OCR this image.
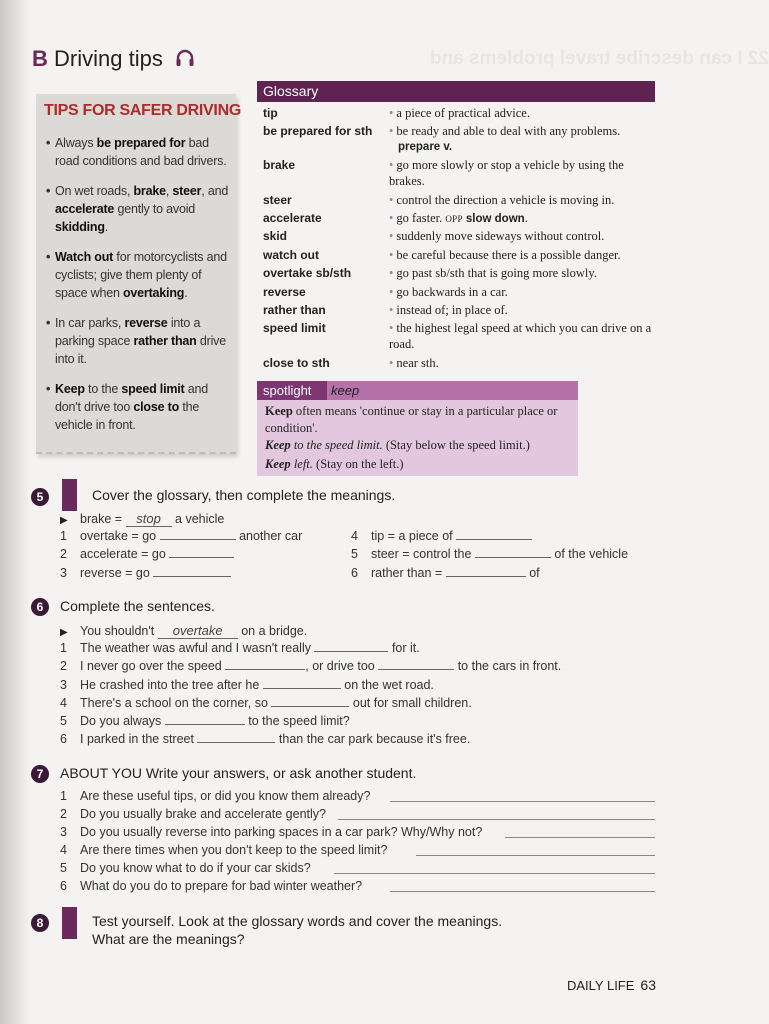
22 I can describe travel problems and
B Driving tips
TIPS FOR SAFER DRIVING
• Always be prepared for bad road conditions and bad drivers.
• On wet roads, brake, steer, and accelerate gently to avoid skidding.
• Watch out for motorcyclists and cyclists; give them plenty of space when overtaking.
• In car parks, reverse into a parking space rather than drive into it.
• Keep to the speed limit and don't drive too close to the vehicle in front.
Glossary
tip	• a piece of practical advice.
be prepared for sth • be ready and able to deal with any problems.
prepare v.
brake	• go more slowly or stop a vehicle by using the brakes.
steer	• control the direction a vehicle is moving in.
accelerate	• go faster. OPP slow down.
skid	• suddenly move sideways without control.
watch out	• be careful because there is a possible danger.
overtake sb/sth	• go past sb/sth that is going more slowly.
reverse	• go backwards in a car.
rather than	• instead of; in place of.
speed limit	• the highest legal speed at which you can drive on a road.
close to sth	• near sth.
spotlight	keep
Keep often means 'continue or stay in a particular place or condition'.
Keep to the speed limit. (Stay below the speed limit.)
Keep left. (Stay on the left.)
5	Cover the glossary, then complete the meanings.
▶ brake = stop a vehicle
1 overtake = go	another car
2 accelerate = go
3 reverse = go
4 tip = a piece of
5 steer = control the	of the vehicle
6 rather than =	of
6	Complete the sentences.
▶ You shouldn't overtake on a bridge.
1 The weather was awful and I wasn't really	for it.
2 I never go over the speed	, or drive too	to the cars in front.
3 He crashed into the tree after he	on the wet road.
4 There's a school on the corner, so	out for small children.
5 Do you always	to the speed limit?
6 I parked in the street	than the car park because it's free.
7	ABOUT YOU Write your answers, or ask another student.
1 Are these useful tips, or did you know them already?
2 Do you usually brake and accelerate gently?
3 Do you usually reverse into parking spaces in a car park? Why/Why not?
4 Are there times when you don't keep to the speed limit?
5 Do you know what to do if your car skids?
6 What do you do to prepare for bad winter weather?
8	Test yourself. Look at the glossary words and cover the meanings.
What are the meanings?
DAILY LIFE 63
